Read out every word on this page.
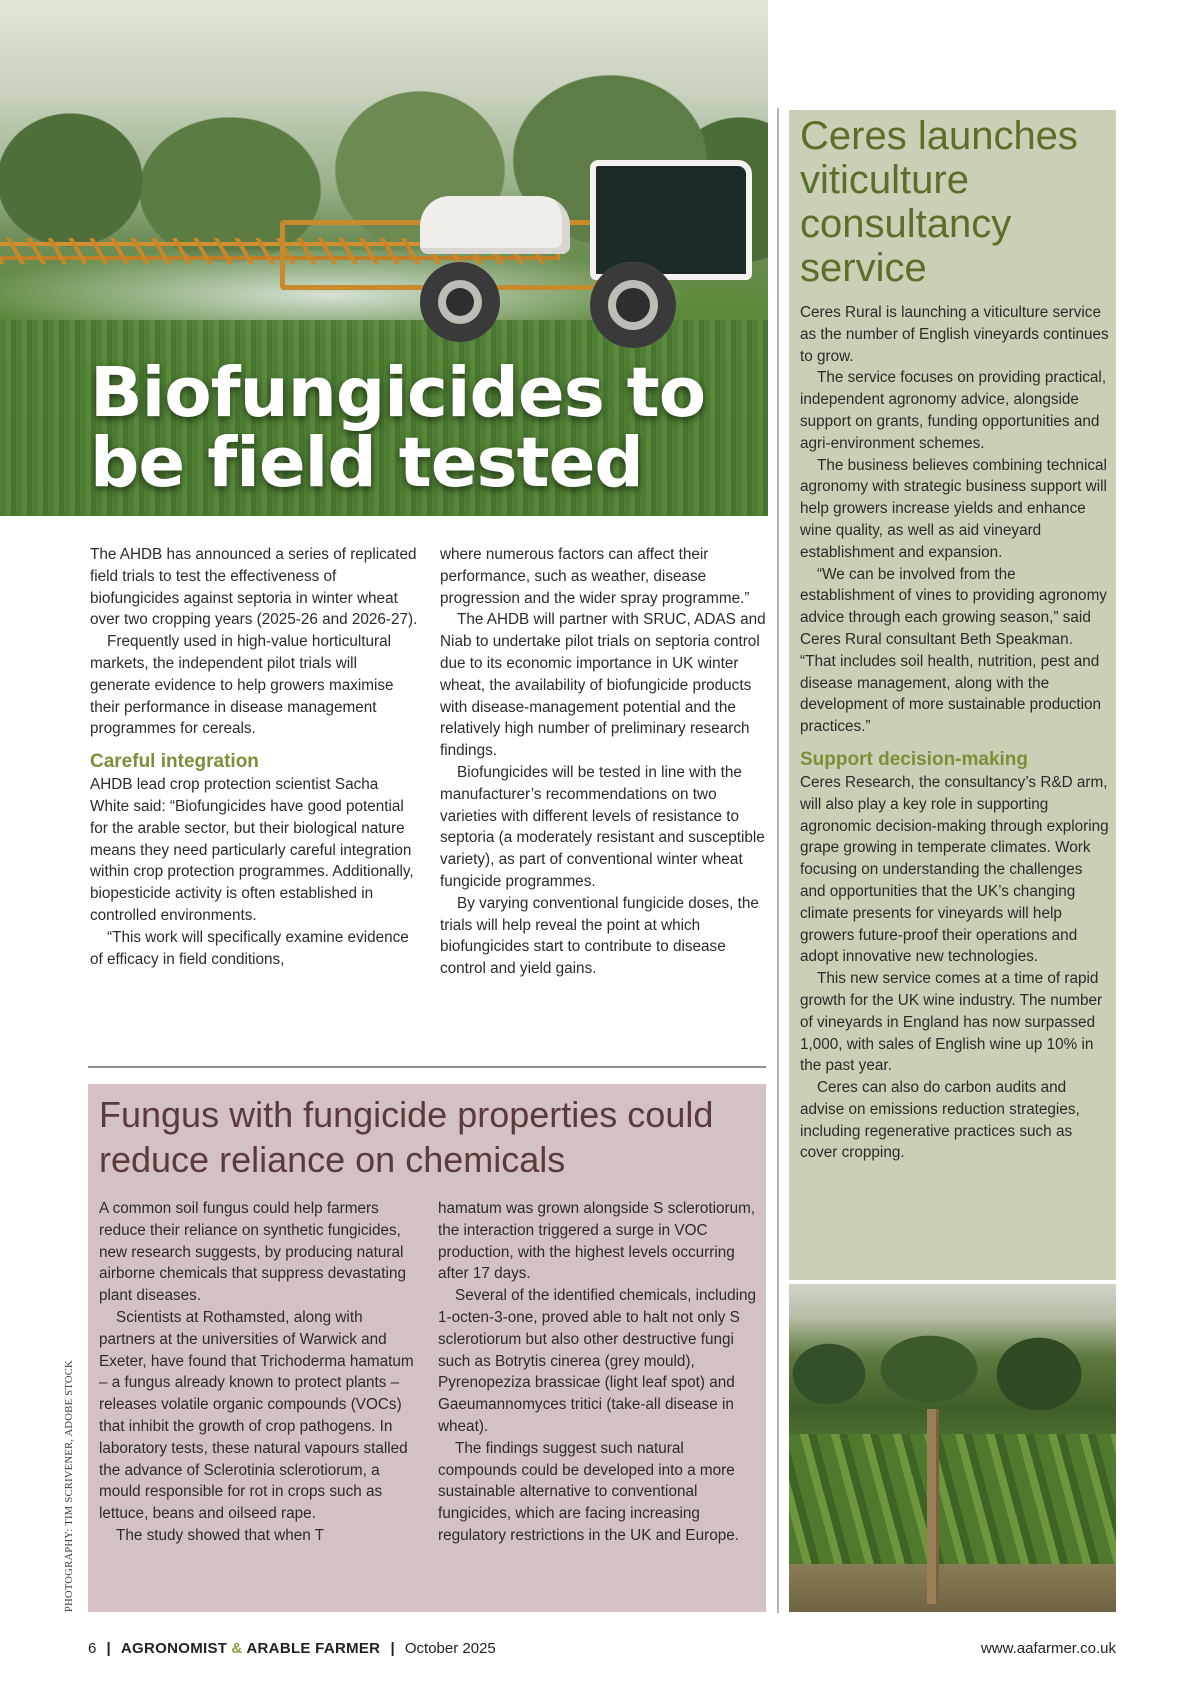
Biofungicides to be field tested

The AHDB has announced a series of replicated field trials to test the effectiveness of biofungicides against septoria in winter wheat over two cropping years (2025-26 and 2026-27).

Frequently used in high-value horticultural markets, the independent pilot trials will generate evidence to help growers maximise their performance in disease management programmes for cereals.

Careful integration

AHDB lead crop protection scientist Sacha White said: “Biofungicides have good potential for the arable sector, but their biological nature means they need particularly careful integration within crop protection programmes. Additionally, biopesticide activity is often established in controlled environments.

“This work will specifically examine evidence of efficacy in field conditions,

where numerous factors can affect their performance, such as weather, disease progression and the wider spray programme.”

The AHDB will partner with SRUC, ADAS and Niab to undertake pilot trials on septoria control due to its economic importance in UK winter wheat, the availability of biofungicide products with disease-management potential and the relatively high number of preliminary research findings.

Biofungicides will be tested in line with the manufacturer’s recommendations on two varieties with different levels of resistance to septoria (a moderately resistant and susceptible variety), as part of conventional winter wheat fungicide programmes.

By varying conventional fungicide doses, the trials will help reveal the point at which biofungicides start to contribute to disease control and yield gains.

Ceres launches viticulture consultancy service

Ceres Rural is launching a viticulture service as the number of English vineyards continues to grow.

The service focuses on providing practical, independent agronomy advice, alongside support on grants, funding opportunities and agri-environment schemes.

The business believes combining technical agronomy with strategic business support will help growers increase yields and enhance wine quality, as well as aid vineyard establishment and expansion.

“We can be involved from the establishment of vines to providing agronomy advice through each growing season,” said Ceres Rural consultant Beth Speakman. “That includes soil health, nutrition, pest and disease management, along with the development of more sustainable production practices.”

Support decision-making

Ceres Research, the consultancy’s R&D arm, will also play a key role in supporting agronomic decision-making through exploring grape growing in temperate climates. Work focusing on understanding the challenges and opportunities that the UK’s changing climate presents for vineyards will help growers future-proof their operations and adopt innovative new technologies.

This new service comes at a time of rapid growth for the UK wine industry. The number of vineyards in England has now surpassed 1,000, with sales of English wine up 10% in the past year.

Ceres can also do carbon audits and advise on emissions reduction strategies, including regenerative practices such as cover cropping.

Fungus with fungicide properties could reduce reliance on chemicals

A common soil fungus could help farmers reduce their reliance on synthetic fungicides, new research suggests, by producing natural airborne chemicals that suppress devastating plant diseases.

Scientists at Rothamsted, along with partners at the universities of Warwick and Exeter, have found that Trichoderma hamatum – a fungus already known to protect plants – releases volatile organic compounds (VOCs) that inhibit the growth of crop pathogens. In laboratory tests, these natural vapours stalled the advance of Sclerotinia sclerotiorum, a mould responsible for rot in crops such as lettuce, beans and oilseed rape.

The study showed that when T

hamatum was grown alongside S sclerotiorum, the interaction triggered a surge in VOC production, with the highest levels occurring after 17 days.

Several of the identified chemicals, including 1-octen-3-one, proved able to halt not only S sclerotiorum but also other destructive fungi such as Botrytis cinerea (grey mould), Pyrenopeziza brassicae (light leaf spot) and Gaeumannomyces tritici (take-all disease in wheat).

The findings suggest such natural compounds could be developed into a more sustainable alternative to conventional fungicides, which are facing increasing regulatory restrictions in the UK and Europe.

PHOTOGRAPHY: TIM SCRIVENER, ADOBE STOCK
6 | AGRONOMIST & ARABLE FARMER | October 2025	www.aafarmer.co.uk
